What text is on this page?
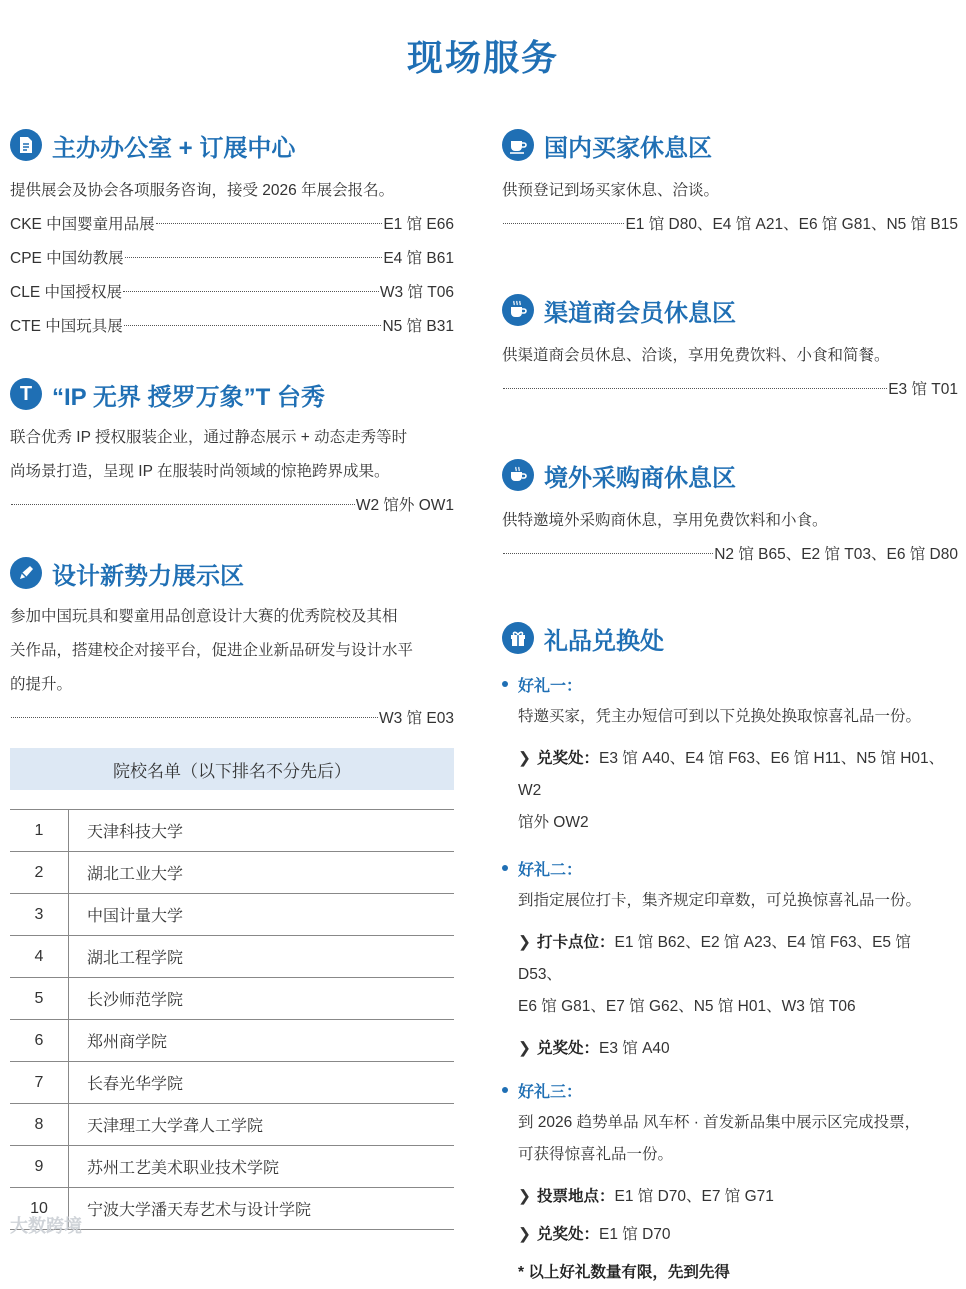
现场服务
主办办公室 + 订展中心

提供展会及协会各项服务咨询，接受 2026 年展会报名。

CKE 中国婴童用品展	E1 馆 E66
CPE 中国幼教展	E4 馆 B61
CLE 中国授权展	W3 馆 T06
CTE 中国玩具展	N5 馆 B31
T “IP 无界 授罗万象”T 台秀

联合优秀 IP 授权服装企业，通过静态展示 + 动态走秀等时

尚场景打造，呈现 IP 在服装时尚领域的惊艳跨界成果。

W2 馆外 OW1
设计新势力展示区

参加中国玩具和婴童用品创意设计大赛的优秀院校及其相

关作品，搭建校企对接平台，促进企业新品研发与设计水平

的提升。

W3 馆 E03
院校名单（以下排名不分先后）
1	天津科技大学
2	湖北工业大学
3	中国计量大学
4	湖北工程学院
5	长沙师范学院
6	郑州商学院
7	长春光华学院
8	天津理工大学聋人工学院
9	苏州工艺美术职业技术学院
10	宁波大学潘天寿艺术与设计学院
国内买家休息区

供预登记到场买家休息、洽谈。

E1 馆 D80、E4 馆 A21、E6 馆 G81、N5 馆 B15
渠道商会员休息区

供渠道商会员休息、洽谈，享用免费饮料、小食和简餐。

E3 馆 T01
境外采购商休息区

供特邀境外采购商休息，享用免费饮料和小食。

N2 馆 B65、E2 馆 T03、E6 馆 D80
礼品兑换处
好礼一：
特邀买家，凭主办短信可到以下兑换处换取惊喜礼品一份。
❯ 兑奖处：E3 馆 A40、E4 馆 F63、E6 馆 H11、N5 馆 H01、W2
馆外 OW2
好礼二：
到指定展位打卡，集齐规定印章数，可兑换惊喜礼品一份。
❯ 打卡点位：E1 馆 B62、E2 馆 A23、E4 馆 F63、E5 馆 D53、
E6 馆 G81、E7 馆 G62、N5 馆 H01、W3 馆 T06
❯ 兑奖处：E3 馆 A40
好礼三：
到 2026 趋势单品 风车杯 · 首发新品集中展示区完成投票，
可获得惊喜礼品一份。
❯ 投票地点：E1 馆 D70、E7 馆 G71
❯ 兑奖处：E1 馆 D70
* 以上好礼数量有限，先到先得
大数跨境
